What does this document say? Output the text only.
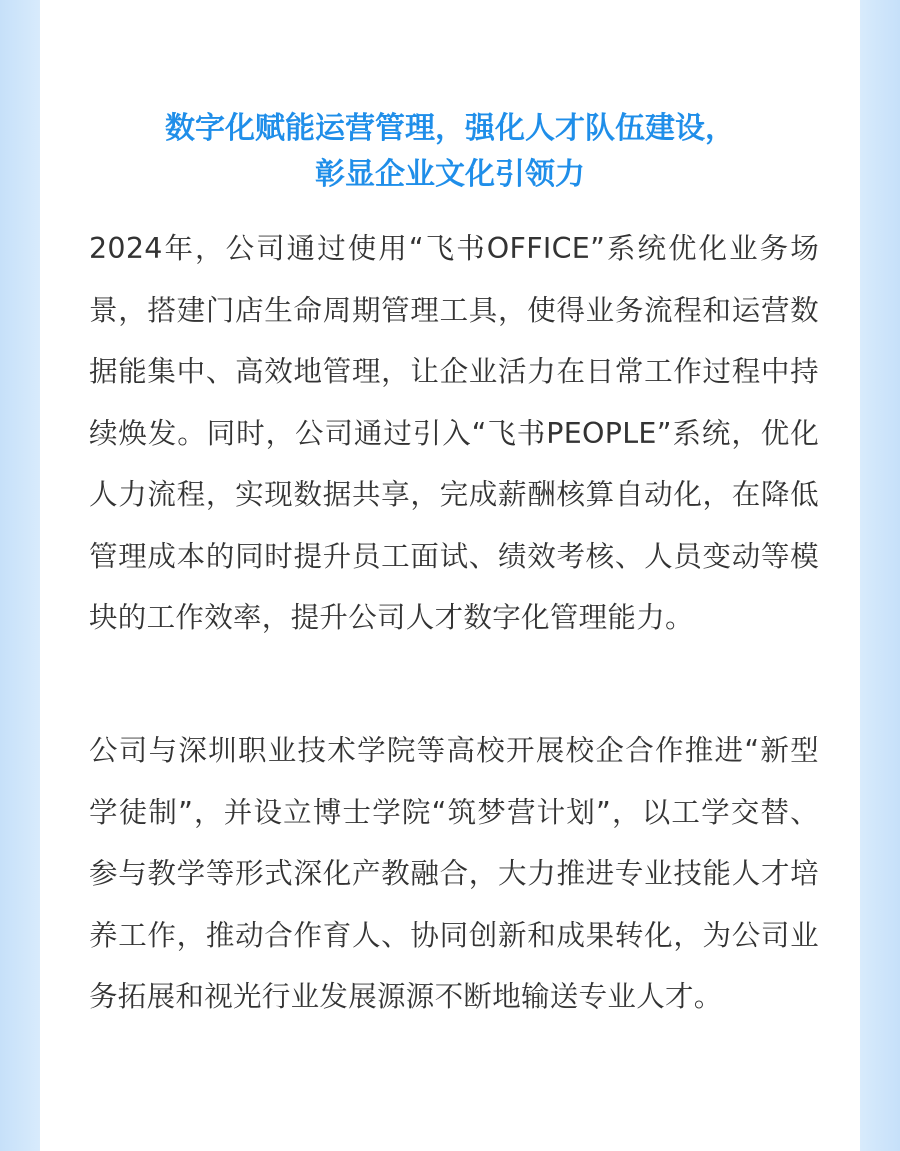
数字化赋能运营管理，强化人才队伍建设，
彰显企业文化引领力

2024年，公司通过使用“飞书OFFICE”系统优化业务场景，搭建门店生命周期管理工具，使得业务流程和运营数据能集中、高效地管理，让企业活力在日常工作过程中持续焕发。同时，公司通过引入“飞书PEOPLE”系统，优化人力流程，实现数据共享，完成薪酬核算自动化，在降低管理成本的同时提升员工面试、绩效考核、人员变动等模块的工作效率，提升公司人才数字化管理能力。

公司与深圳职业技术学院等高校开展校企合作推进“新型学徒制”，并设立博士学院“筑梦营计划”，以工学交替、参与教学等形式深化产教融合，大力推进专业技能人才培养工作，推动合作育人、协同创新和成果转化，为公司业务拓展和视光行业发展源源不断地输送专业人才。
